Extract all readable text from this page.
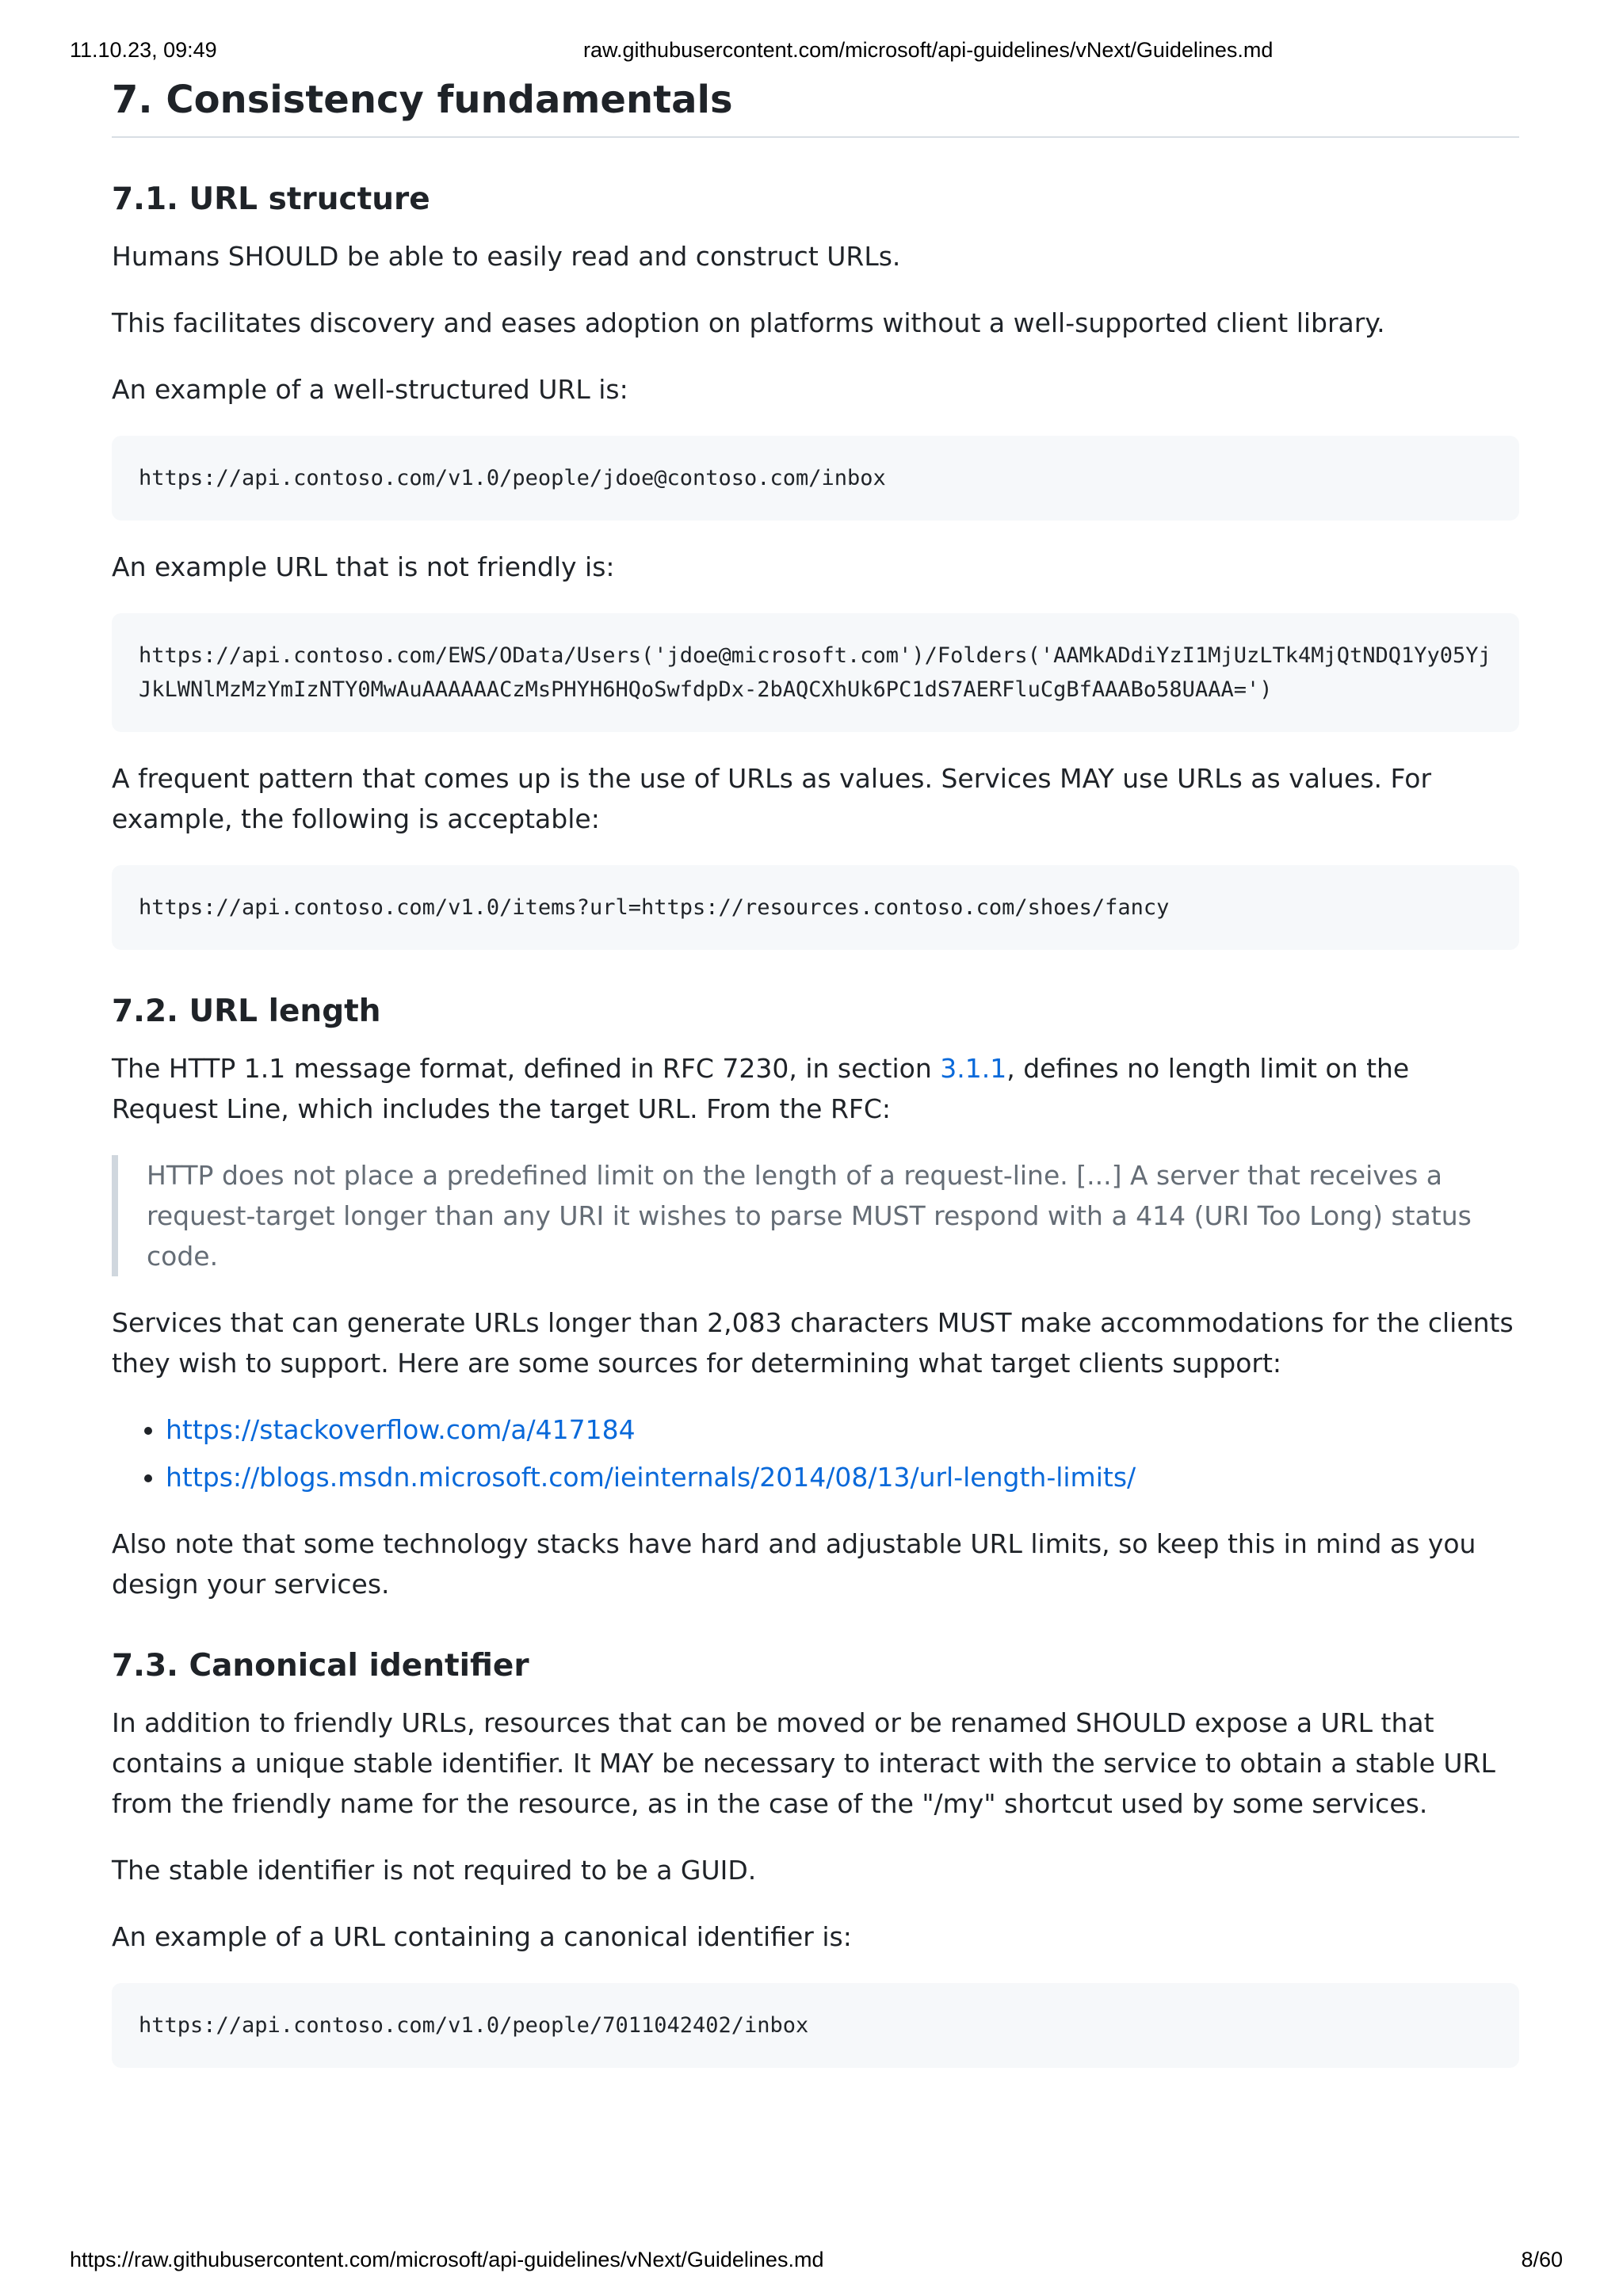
11.10.23, 09:49	raw.githubusercontent.com/microsoft/api-guidelines/vNext/Guidelines.md
7. Consistency fundamentals
7.1. URL structure

Humans SHOULD be able to easily read and construct URLs.

This facilitates discovery and eases adoption on platforms without a well-supported client library.

An example of a well-structured URL is:

https://api.contoso.com/v1.0/people/jdoe@contoso.com/inbox

An example URL that is not friendly is:

https://api.contoso.com/EWS/OData/Users('jdoe@microsoft.com')/Folders('AAMkADdiYzI1MjUzLTk4MjQtNDQ1Yy05YjJkLWNlMzMzYmIzNTY0MwAuAAAAAACzMsPHYH6HQoSwfdpDx-2bAQCXhUk6PC1dS7AERFluCgBfAAABo58UAAA=')

A frequent pattern that comes up is the use of URLs as values. Services MAY use URLs as values. For example, the following is acceptable:

https://api.contoso.com/v1.0/items?url=https://resources.contoso.com/shoes/fancy
7.2. URL length

The HTTP 1.1 message format, defined in RFC 7230, in section 3.1.1, defines no length limit on the Request Line, which includes the target URL. From the RFC:

HTTP does not place a predefined limit on the length of a request-line. [...] A server that receives a request-target longer than any URI it wishes to parse MUST respond with a 414 (URI Too Long) status code.

Services that can generate URLs longer than 2,083 characters MUST make accommodations for the clients they wish to support. Here are some sources for determining what target clients support:

• https://stackoverflow.com/a/417184
• https://blogs.msdn.microsoft.com/ieinternals/2014/08/13/url-length-limits/

Also note that some technology stacks have hard and adjustable URL limits, so keep this in mind as you design your services.

7.3. Canonical identifier

In addition to friendly URLs, resources that can be moved or be renamed SHOULD expose a URL that contains a unique stable identifier. It MAY be necessary to interact with the service to obtain a stable URL from the friendly name for the resource, as in the case of the "/my" shortcut used by some services.

The stable identifier is not required to be a GUID.

An example of a URL containing a canonical identifier is:

https://api.contoso.com/v1.0/people/7011042402/inbox
https://raw.githubusercontent.com/microsoft/api-guidelines/vNext/Guidelines.md	8/60
